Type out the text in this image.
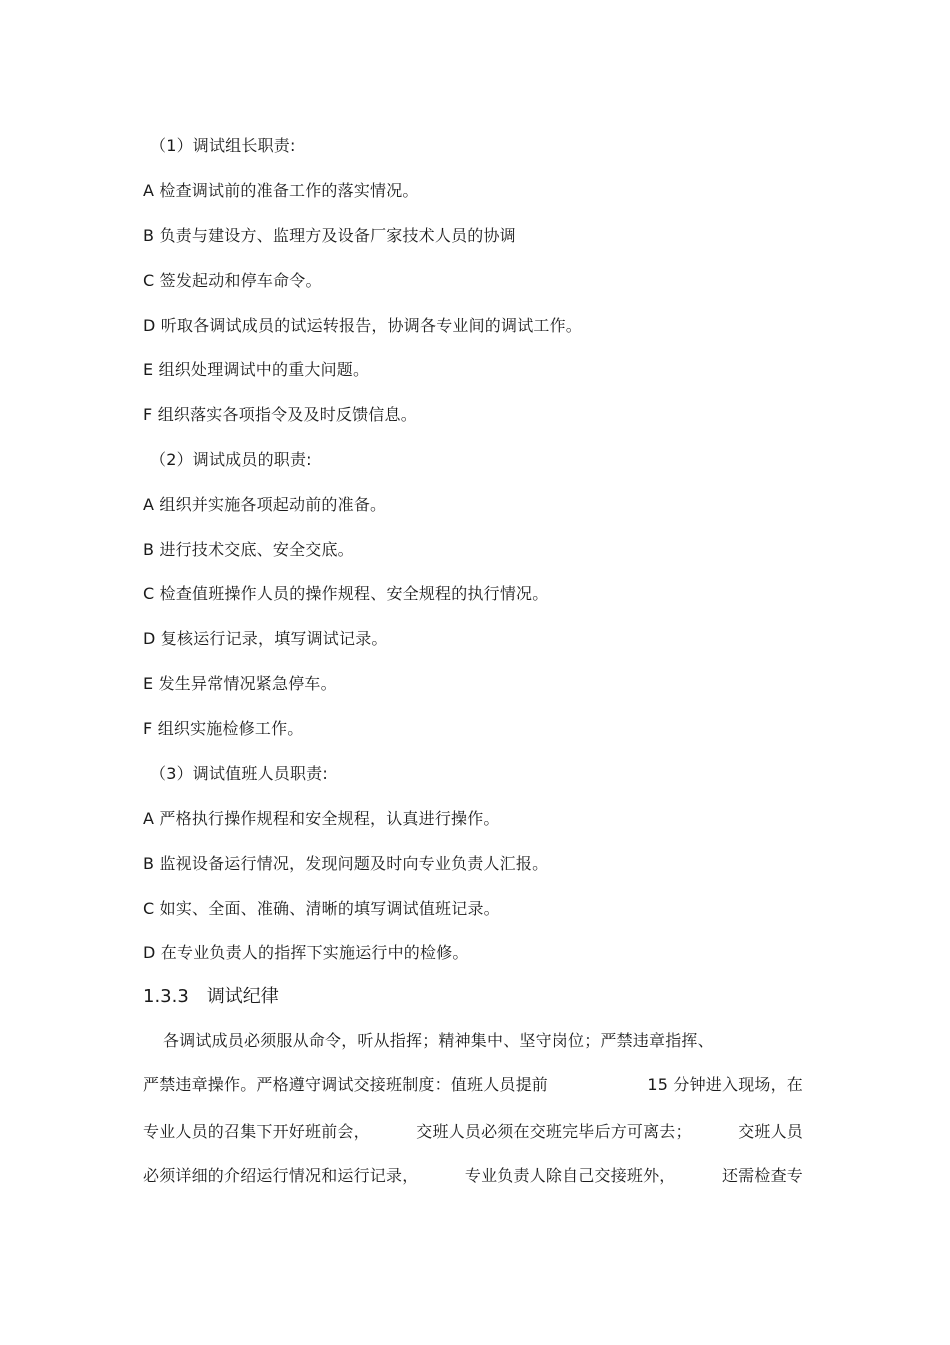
（1）调试组长职责:
A 检查调试前的准备工作的落实情况。
B 负责与建设方、监理方及设备厂家技术人员的协调
C 签发起动和停车命令。
D 听取各调试成员的试运转报告，协调各专业间的调试工作。
E 组织处理调试中的重大问题。
F 组织落实各项指令及及时反馈信息。
（2）调试成员的职责:
A 组织并实施各项起动前的准备。
B 进行技术交底、安全交底。
C 检查值班操作人员的操作规程、安全规程的执行情况。
D 复核运行记录，填写调试记录。
E 发生异常情况紧急停车。
F 组织实施检修工作。
（3）调试值班人员职责:
A 严格执行操作规程和安全规程，认真进行操作。
B 监视设备运行情况，发现问题及时向专业负责人汇报。
C 如实、全面、准确、清晰的填写调试值班记录。
D 在专业负责人的指挥下实施运行中的检修。
1.3.3 调试纪律
各调试成员必须服从命令，听从指挥；精神集中、坚守岗位；严禁违章指挥、
严禁违章操作。严格遵守调试交接班制度：值班人员提前	15 分钟进入现场，在
专业人员的召集下开好班前会，	交班人员必须在交班完毕后方可离去；	交班人员
必须详细的介绍运行情况和运行记录，	专业负责人除自己交接班外，	还需检查专
